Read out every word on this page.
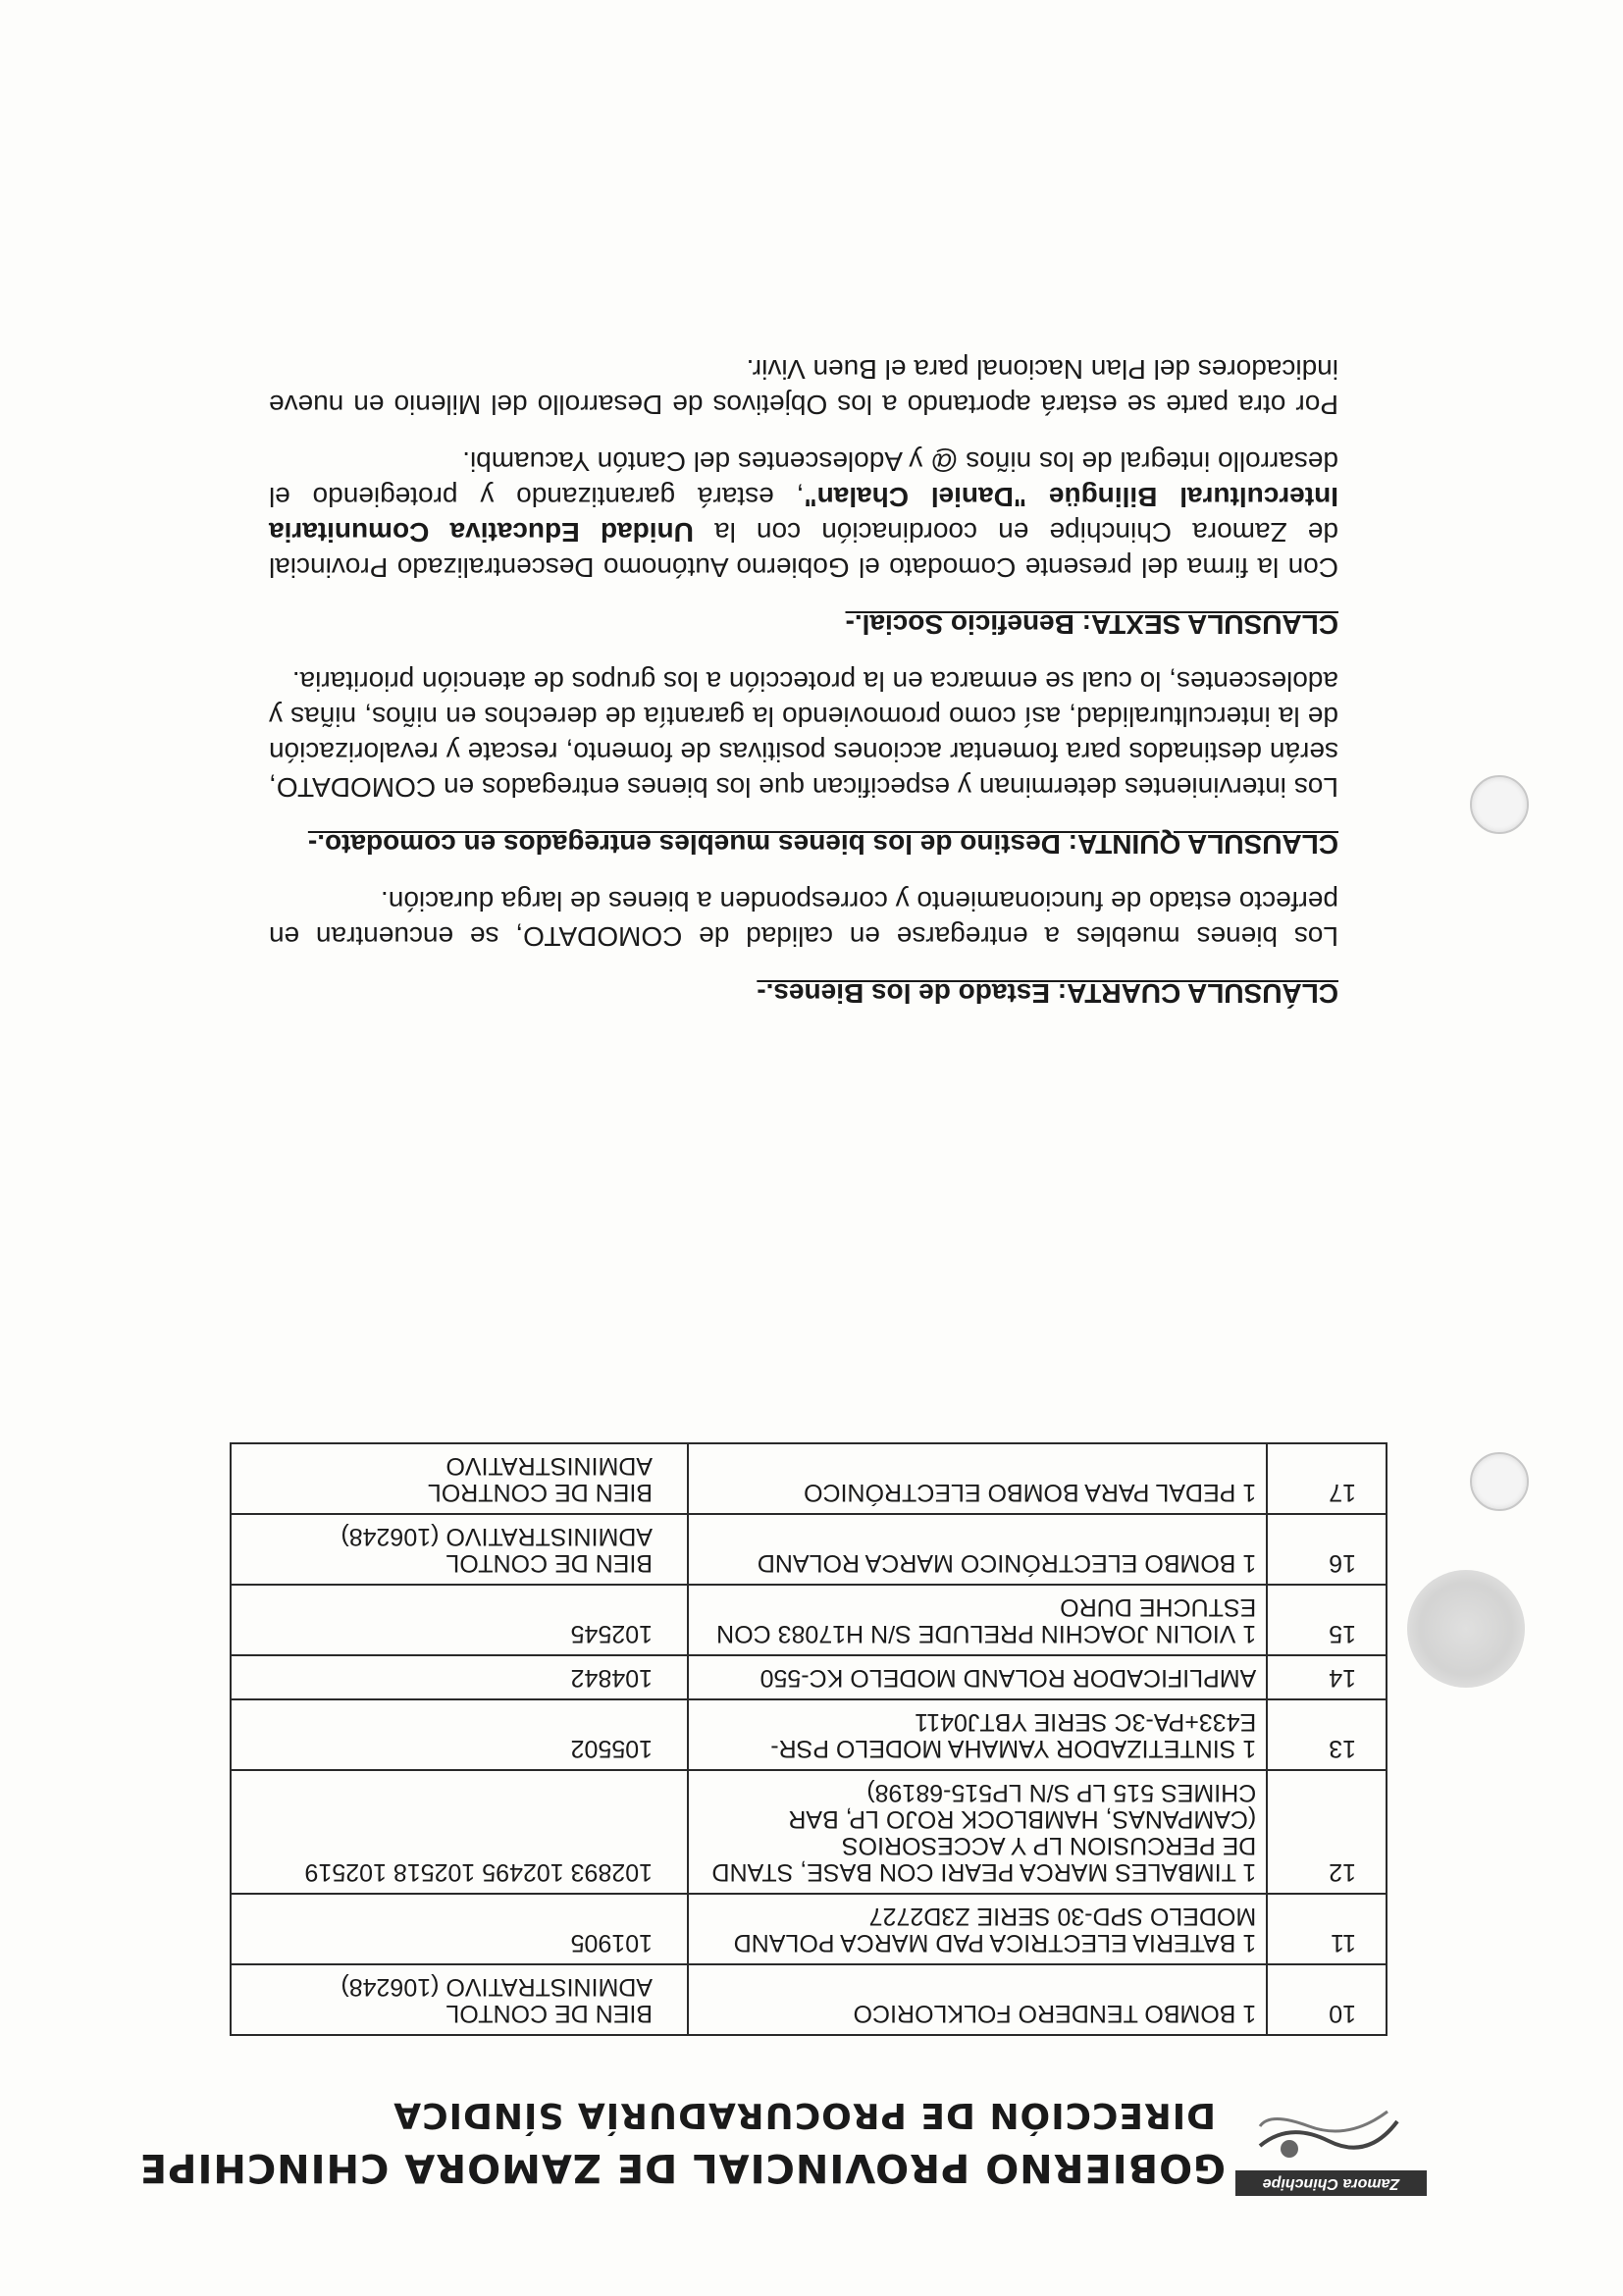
Zamora Chinchipe
GOBIERNO PROVINCIAL DE ZAMORA CHINCHIPE
DIRECCIÓN DE PROCURADURÍA SÍNDICA
10	1 BOMBO TENDERO FOLKLORICO	BIEN DE CONTOL ADMINISTRATIVO (106248)
11	1 BATERIA ELECTRICA PAD MARCA POLAND MODELO SPD-30 SERIE Z3D2727	101905
12	1 TIMBALES MARCA PEARI CON BASE, STAND DE PERCUSION LP Y ACCESORIOS (CAMPANAS, HAMBLOCK ROJO LP, BAR CHIMES 515 LP S/N LP515-68198)	102893 102495 102518 102519
13	1 SINTETIZADOR YAMAHA MODELO PSR-E433+PA-3C SERIE YBTJ0411	105502
14	AMPLIFICADOR ROLAND MODELO KC-550	104842
15	1 VIOLIN JOACHIN PRELUDE S/N H17083 CON ESTUCHE DURO	102545
16	1 BOMBO ELECTRÓNICO MARCA ROLAND	BIEN DE CONTOL ADMINISTRATIVO (106248)
17	1 PEDAL PARA BOMBO ELECTRÓNICO	BIEN DE CONTROL ADMINISTRATIVO

CLÁUSULA CUARTA: Estado de los Bienes.-

Los bienes muebles a entregarse en calidad de COMODATO, se encuentran en perfecto estado de funcionamiento y corresponden a bienes de larga duración.

CLAUSULA QUINTA: Destino de los bienes muebles entregados en comodato.-

Los intervinientes determinan y especifican que los bienes entregados en COMODATO, serán destinados para fomentar acciones positivas de fomento, rescate y revalorización de la interculturalidad, así como promoviendo la garantía de derechos en niños, niñas y adolescentes, lo cual se enmarca en la protección a los grupos de atención prioritaria.

CLAUSULA SEXTA: Beneficio Social.-

Con la firma del presente Comodato el Gobierno Autónomo Descentralizado Provincial de Zamora Chinchipe en coordinación con la Unidad Educativa Comunitaria Intercultural Bilingüe "Daniel Chalan", estará garantizando y protegiendo el desarrollo integral de los niños @ y Adolescentes del Cantón Yacuambi.

Por otra parte se estará aportando a los Objetivos de Desarrollo del Milenio en nueve indicadores del Plan Nacional para el Buen Vivir.
